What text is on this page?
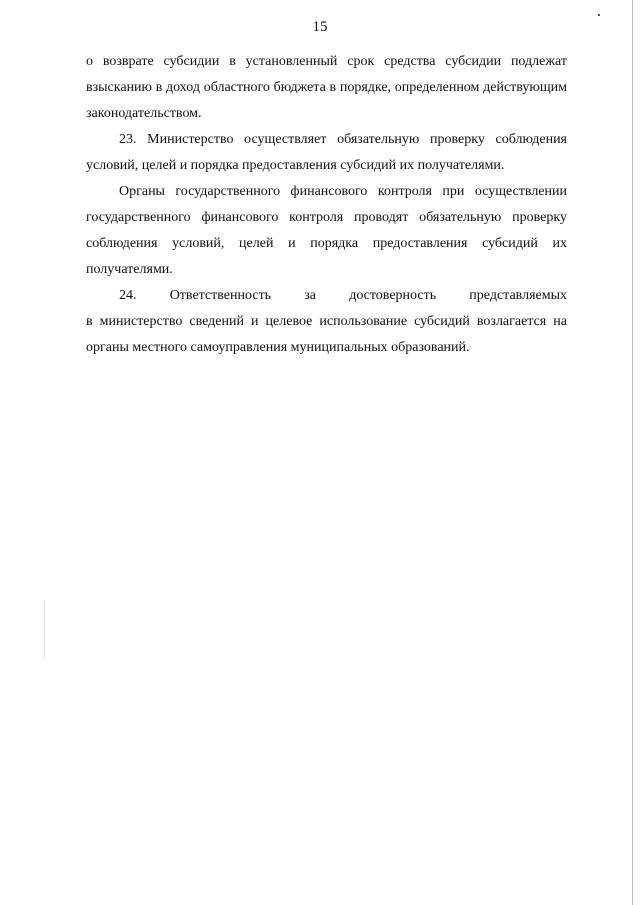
15

о возврате субсидии в установленный срок средства субсидии подлежат взысканию в доход областного бюджета в порядке, определенном действующим законодательством.

23. Министерство осуществляет обязательную проверку соблюдения условий, целей и порядка предоставления субсидий их получателями.

Органы государственного финансового контроля при осуществлении государственного финансового контроля проводят обязательную проверку соблюдения условий, целей и порядка предоставления субсидий их получателями.

24. Ответственность за достоверность представляемых

в министерство сведений и целевое использование субсидий возлагается на органы местного самоуправления муниципальных образований.
